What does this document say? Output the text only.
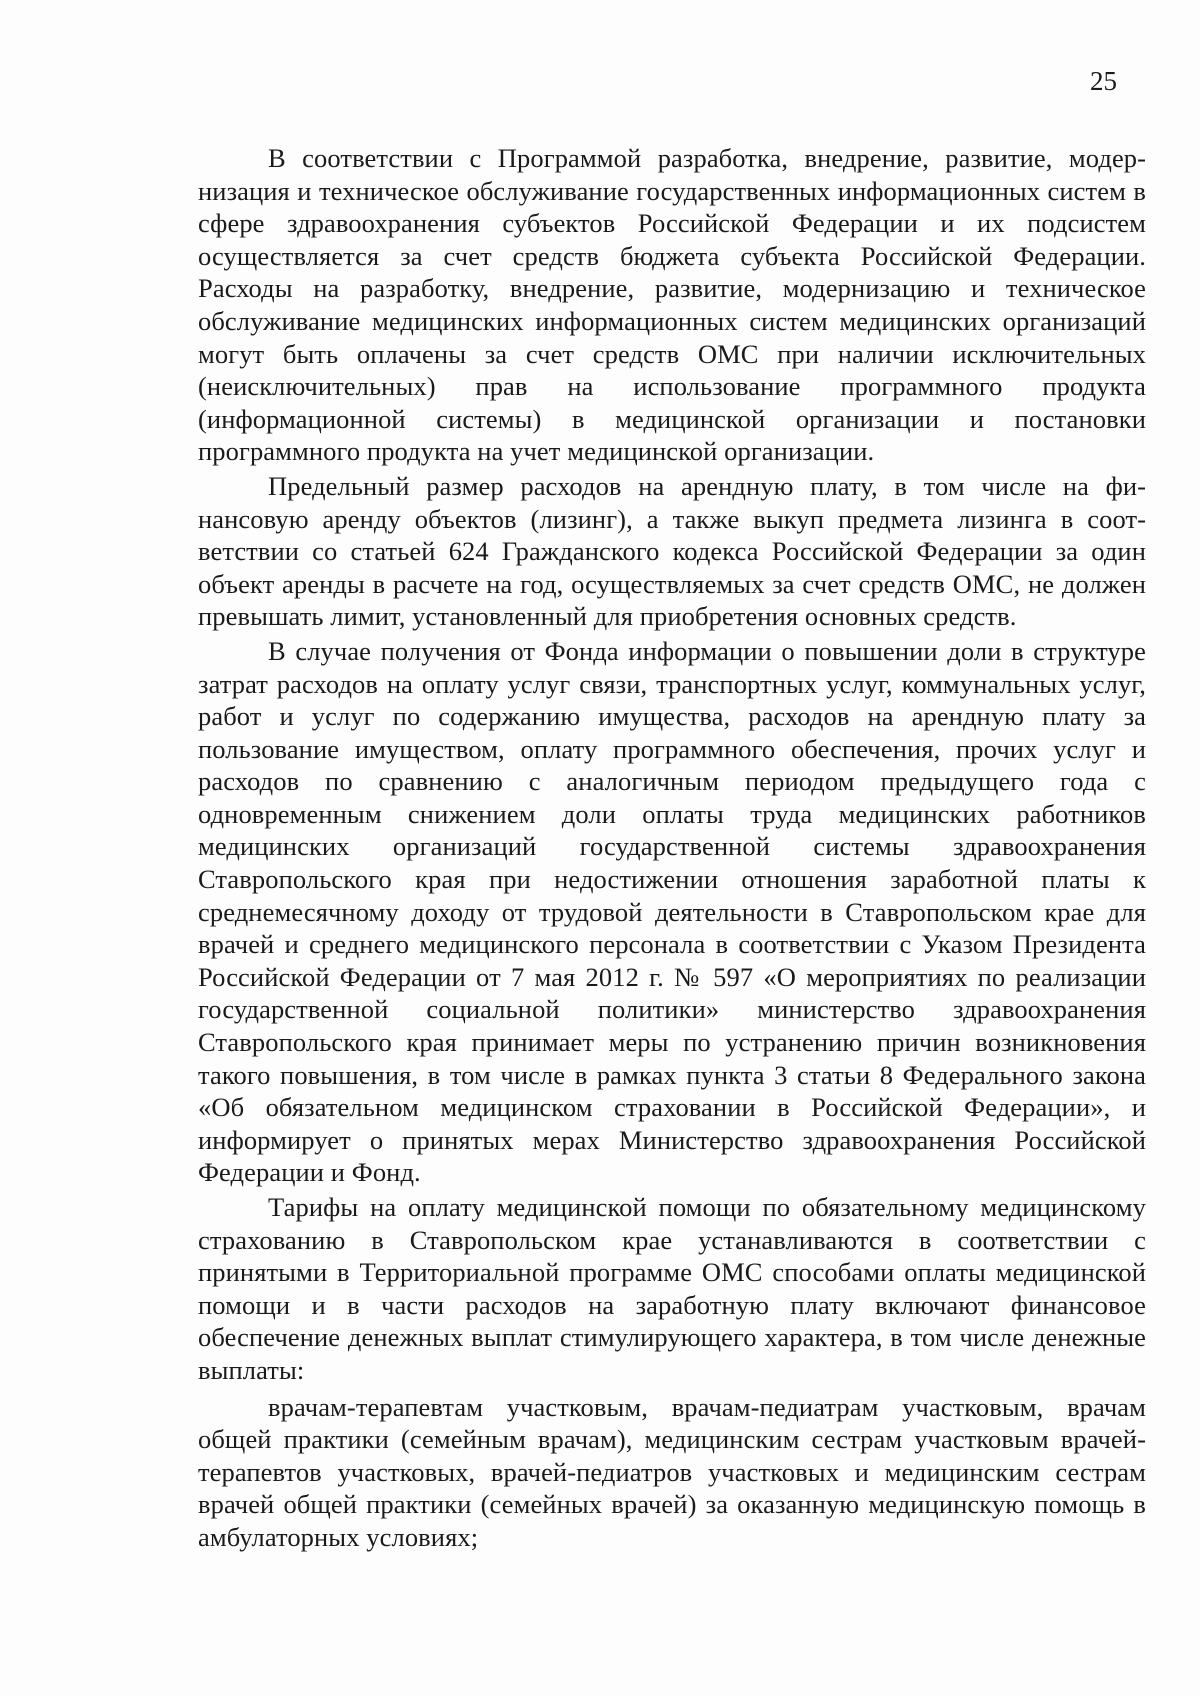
25

В соответствии с Программой разработка, внедрение, развитие, модернизация и техническое обслуживание государственных информационных систем в сфере здравоохранения субъектов Российской Федерации и их подсистем осуществляется за счет средств бюджета субъекта Российской Федерации. Расходы на разработку, внедрение, развитие, модернизацию и техническое обслуживание медицинских информационных систем медицинских организаций могут быть оплачены за счет средств ОМС при наличии исключительных (неисключительных) прав на использование программного продукта (информационной системы) в медицинской организации и постановки программного продукта на учет медицинской организации.

Предельный размер расходов на арендную плату, в том числе на финансовую аренду объектов (лизинг), а также выкуп предмета лизинга в соответствии со статьей 624 Гражданского кодекса Российской Федерации за один объект аренды в расчете на год, осуществляемых за счет средств ОМС, не должен превышать лимит, установленный для приобретения основных средств.

В случае получения от Фонда информации о повышении доли в структуре затрат расходов на оплату услуг связи, транспортных услуг, коммунальных услуг, работ и услуг по содержанию имущества, расходов на арендную плату за пользование имуществом, оплату программного обеспечения, прочих услуг и расходов по сравнению с аналогичным периодом предыдущего года с одновременным снижением доли оплаты труда медицинских работников медицинских организаций государственной системы здравоохранения Ставропольского края при недостижении отношения заработной платы к среднемесячному доходу от трудовой деятельности в Ставропольском крае для врачей и среднего медицинского персонала в соответствии с Указом Президента Российской Федерации от 7 мая 2012 г. № 597 «О мероприятиях по реализации государственной социальной политики» министерство здравоохранения Ставропольского края принимает меры по устранению причин возникновения такого повышения, в том числе в рамках пункта 3 статьи 8 Федерального закона «Об обязательном медицинском страховании в Российской Федерации», и информирует о принятых мерах Министерство здравоохранения Российской Федерации и Фонд.

Тарифы на оплату медицинской помощи по обязательному медицинскому страхованию в Ставропольском крае устанавливаются в соответствии с принятыми в Территориальной программе ОМС способами оплаты медицинской помощи и в части расходов на заработную плату включают финансовое обеспечение денежных выплат стимулирующего характера, в том числе денежные выплаты:

врачам-терапевтам участковым, врачам-педиатрам участковым, врачам общей практики (семейным врачам), медицинским сестрам участковым врачей-терапевтов участковых, врачей-педиатров участковых и медицинским сестрам врачей общей практики (семейных врачей) за оказанную медицинскую помощь в амбулаторных условиях;
